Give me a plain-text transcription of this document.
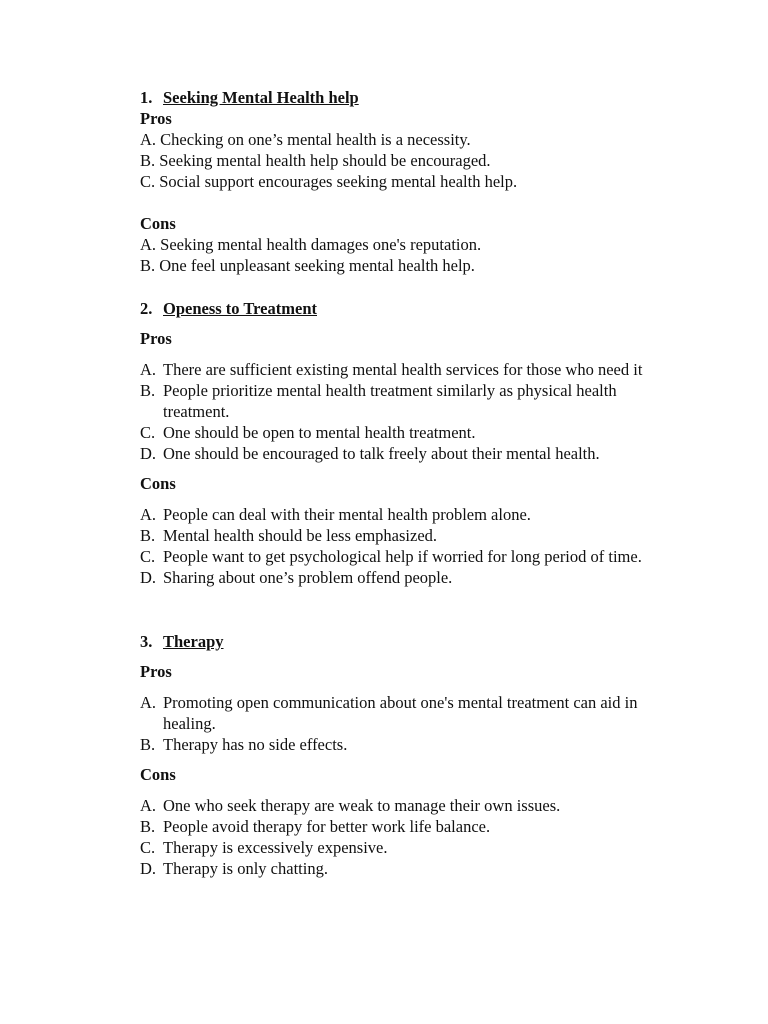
1. Seeking Mental Health help
Pros
A. Checking on one’s mental health is a necessity.
B. Seeking mental health help should be encouraged.
C. Social support encourages seeking mental health help.
Cons
A. Seeking mental health damages one's reputation.
B. One feel unpleasant seeking mental health help.
2. Openess to Treatment
Pros
A. There are sufficient existing mental health services for those who need it
B. People prioritize mental health treatment similarly as physical health treatment.
C. One should be open to mental health treatment.
D. One should be encouraged to talk freely about their mental health.
Cons
A. People can deal with their mental health problem alone.
B. Mental health should be less emphasized.
C. People want to get psychological help if worried for long period of time.
D. Sharing about one’s problem offend people.
3. Therapy
Pros
A. Promoting open communication about one's mental treatment can aid in healing.
B. Therapy has no side effects.
Cons
A. One who seek therapy are weak to manage their own issues.
B. People avoid therapy for better work life balance.
C. Therapy is excessively expensive.
D. Therapy is only chatting.
